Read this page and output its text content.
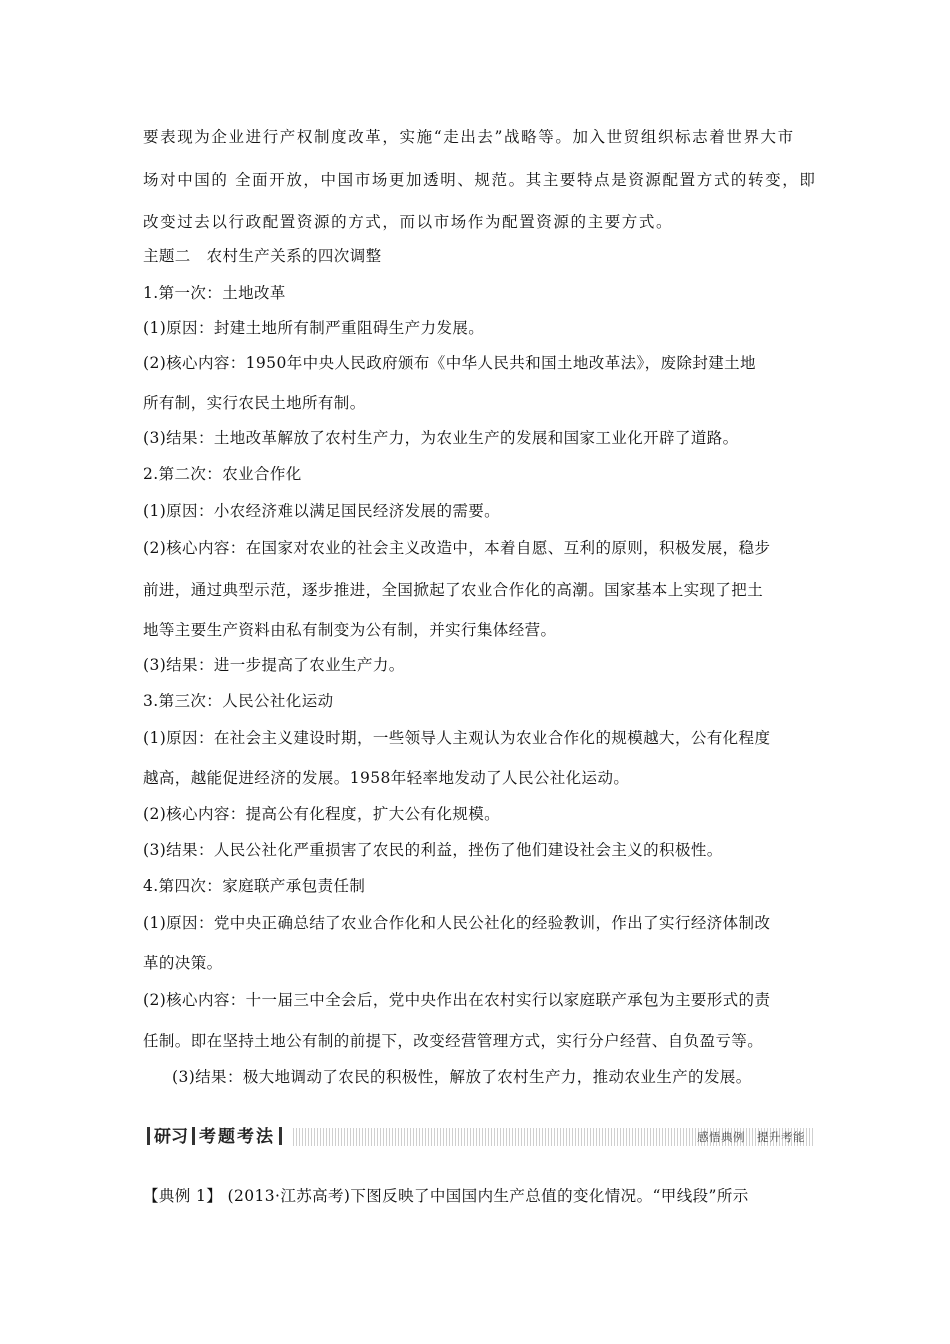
要表现为企业进行产权制度改革，实施“走出去”战略等。加入世贸组织标志着世界大市
场对中国的 全面开放，中国市场更加透明、规范。其主要特点是资源配置方式的转变，即
改变过去以行政配置资源的方式，而以市场作为配置资源的主要方式。
主题二　农村生产关系的四次调整
1.第一次：土地改革
(1)原因：封建土地所有制严重阻碍生产力发展。
(2)核心内容：1950年中央人民政府颁布《中华人民共和国土地改革法》，废除封建土地
所有制，实行农民土地所有制。
(3)结果：土地改革解放了农村生产力，为农业生产的发展和国家工业化开辟了道路。
2.第二次：农业合作化
(1)原因：小农经济难以满足国民经济发展的需要。
(2)核心内容：在国家对农业的社会主义改造中，本着自愿、互利的原则，积极发展，稳步
前进，通过典型示范，逐步推进，全国掀起了农业合作化的高潮。国家基本上实现了把土
地等主要生产资料由私有制变为公有制，并实行集体经营。
(3)结果：进一步提高了农业生产力。
3.第三次：人民公社化运动
(1)原因：在社会主义建设时期，一些领导人主观认为农业合作化的规模越大，公有化程度
越高，越能促进经济的发展。1958年轻率地发动了人民公社化运动。
(2)核心内容：提高公有化程度，扩大公有化规模。
(3)结果：人民公社化严重损害了农民的利益，挫伤了他们建设社会主义的积极性。
4.第四次：家庭联产承包责任制
(1)原因：党中央正确总结了农业合作化和人民公社化的经验教训，作出了实行经济体制改
革的决策。
(2)核心内容：十一届三中全会后，党中央作出在农村实行以家庭联产承包为主要形式的责
任制。即在坚持土地公有制的前提下，改变经营管理方式，实行分户经营、自负盈亏等。
(3)结果：极大地调动了农民的积极性，解放了农村生产力，推动农业生产的发展。
研习 考题考法	感悟典例　提升考能
【典例 1】 (2013·江苏高考)下图反映了中国国内生产总值的变化情况。“甲线段”所示
